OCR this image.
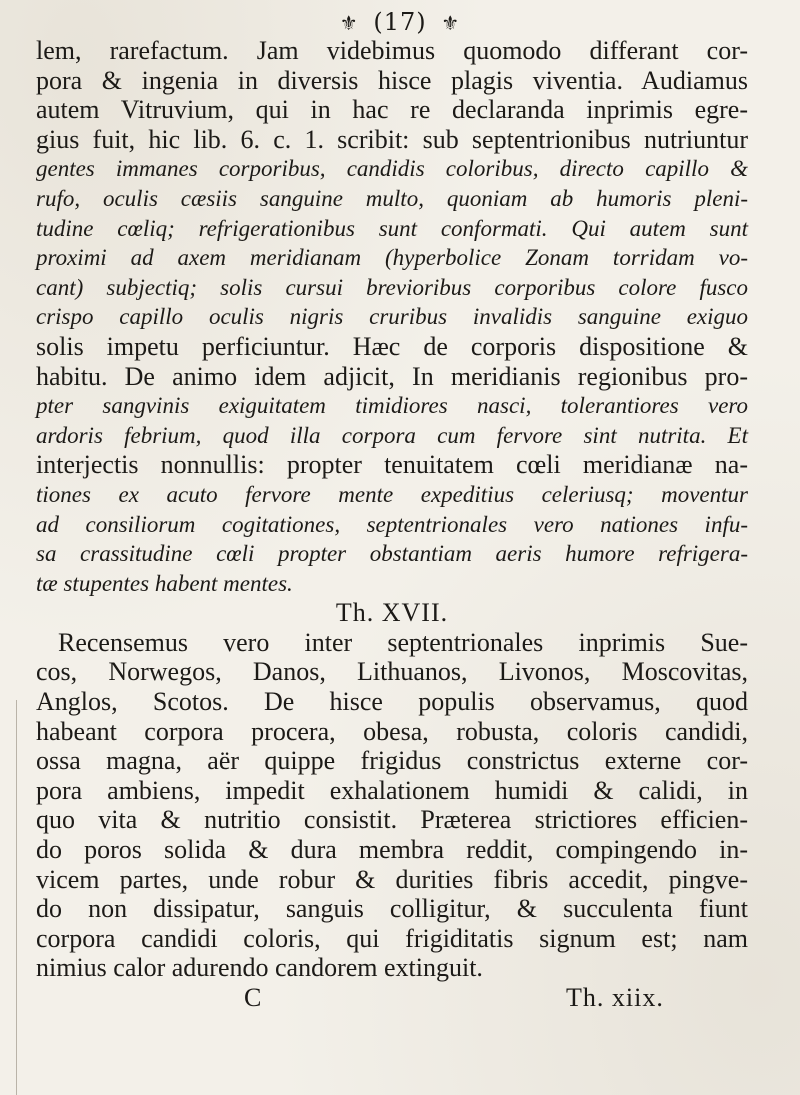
⚜ (17) ⚜
lem, rarefactum. Jam videbimus quomodo differant cor-
pora & ingenia in diversis hisce plagis viventia. Audiamus
autem Vitruvium, qui in hac re declaranda inprimis egre-
gius fuit, hic lib. 6. c. 1. scribit: sub septentrionibus nutriuntur
gentes immanes corporibus, candidis coloribus, directo capillo &
rufo, oculis cæsiis sanguine multo, quoniam ab humoris pleni-
tudine cœliq; refrigerationibus sunt conformati. Qui autem sunt
proximi ad axem meridianam (hyperbolice Zonam torridam vo-
cant) subjectiq; solis cursui brevioribus corporibus colore fusco
crispo capillo oculis nigris cruribus invalidis sanguine exiguo
solis impetu perficiuntur. Hæc de corporis dispositione &
habitu. De animo idem adjicit, In meridianis regionibus pro-
pter sangvinis exiguitatem timidiores nasci, tolerantiores vero
ardoris febrium, quod illa corpora cum fervore sint nutrita. Et
interjectis nonnullis: propter tenuitatem cœli meridianæ na-
tiones ex acuto fervore mente expeditius celeriusq; moventur
ad consiliorum cogitationes, septentrionales vero nationes infu-
sa crassitudine cœli propter obstantiam aeris humore refrigera-
tæ stupentes habent mentes.
Th. XVII.
Recensemus vero inter septentrionales inprimis Sue-
cos, Norwegos, Danos, Lithuanos, Livonos, Moscovitas,
Anglos, Scotos. De hisce populis observamus, quod
habeant corpora procera, obesa, robusta, coloris candidi,
ossa magna, aër quippe frigidus constrictus externe cor-
pora ambiens, impedit exhalationem humidi & calidi, in
quo vita & nutritio consistit. Præterea strictiores efficien-
do poros solida & dura membra reddit, compingendo in-
vicem partes, unde robur & durities fibris accedit, pingve-
do non dissipatur, sanguis colligitur, & succulenta fiunt
corpora candidi coloris, qui frigiditatis signum est; nam
nimius calor adurendo candorem extinguit.
C	Th. xiix.
